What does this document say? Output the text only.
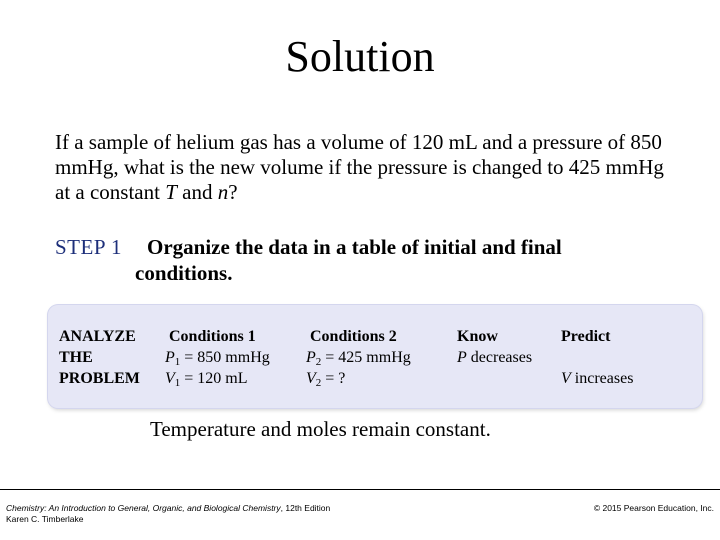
Solution
If a sample of helium gas has a volume of 120 mL and a pressure of 850 mmHg, what is the new volume if the pressure is changed to 425 mmHg at a constant T and n?
STEP 1	Organize the data in a table of initial and final
conditions.
ANALYZE
THE
PROBLEM
Conditions 1
$P_1 = 850$ mmHg
$V_1 = 120$ mL
Conditions 2
$P_2 = 425$ mmHg
$V_2$ = ?
Know
P decreases
Predict

V increases
Temperature and moles remain constant.
Chemistry: An Introduction to General, Organic, and Biological Chemistry, 12th Edition
Karen C. Timberlake
© 2015 Pearson Education, Inc.
